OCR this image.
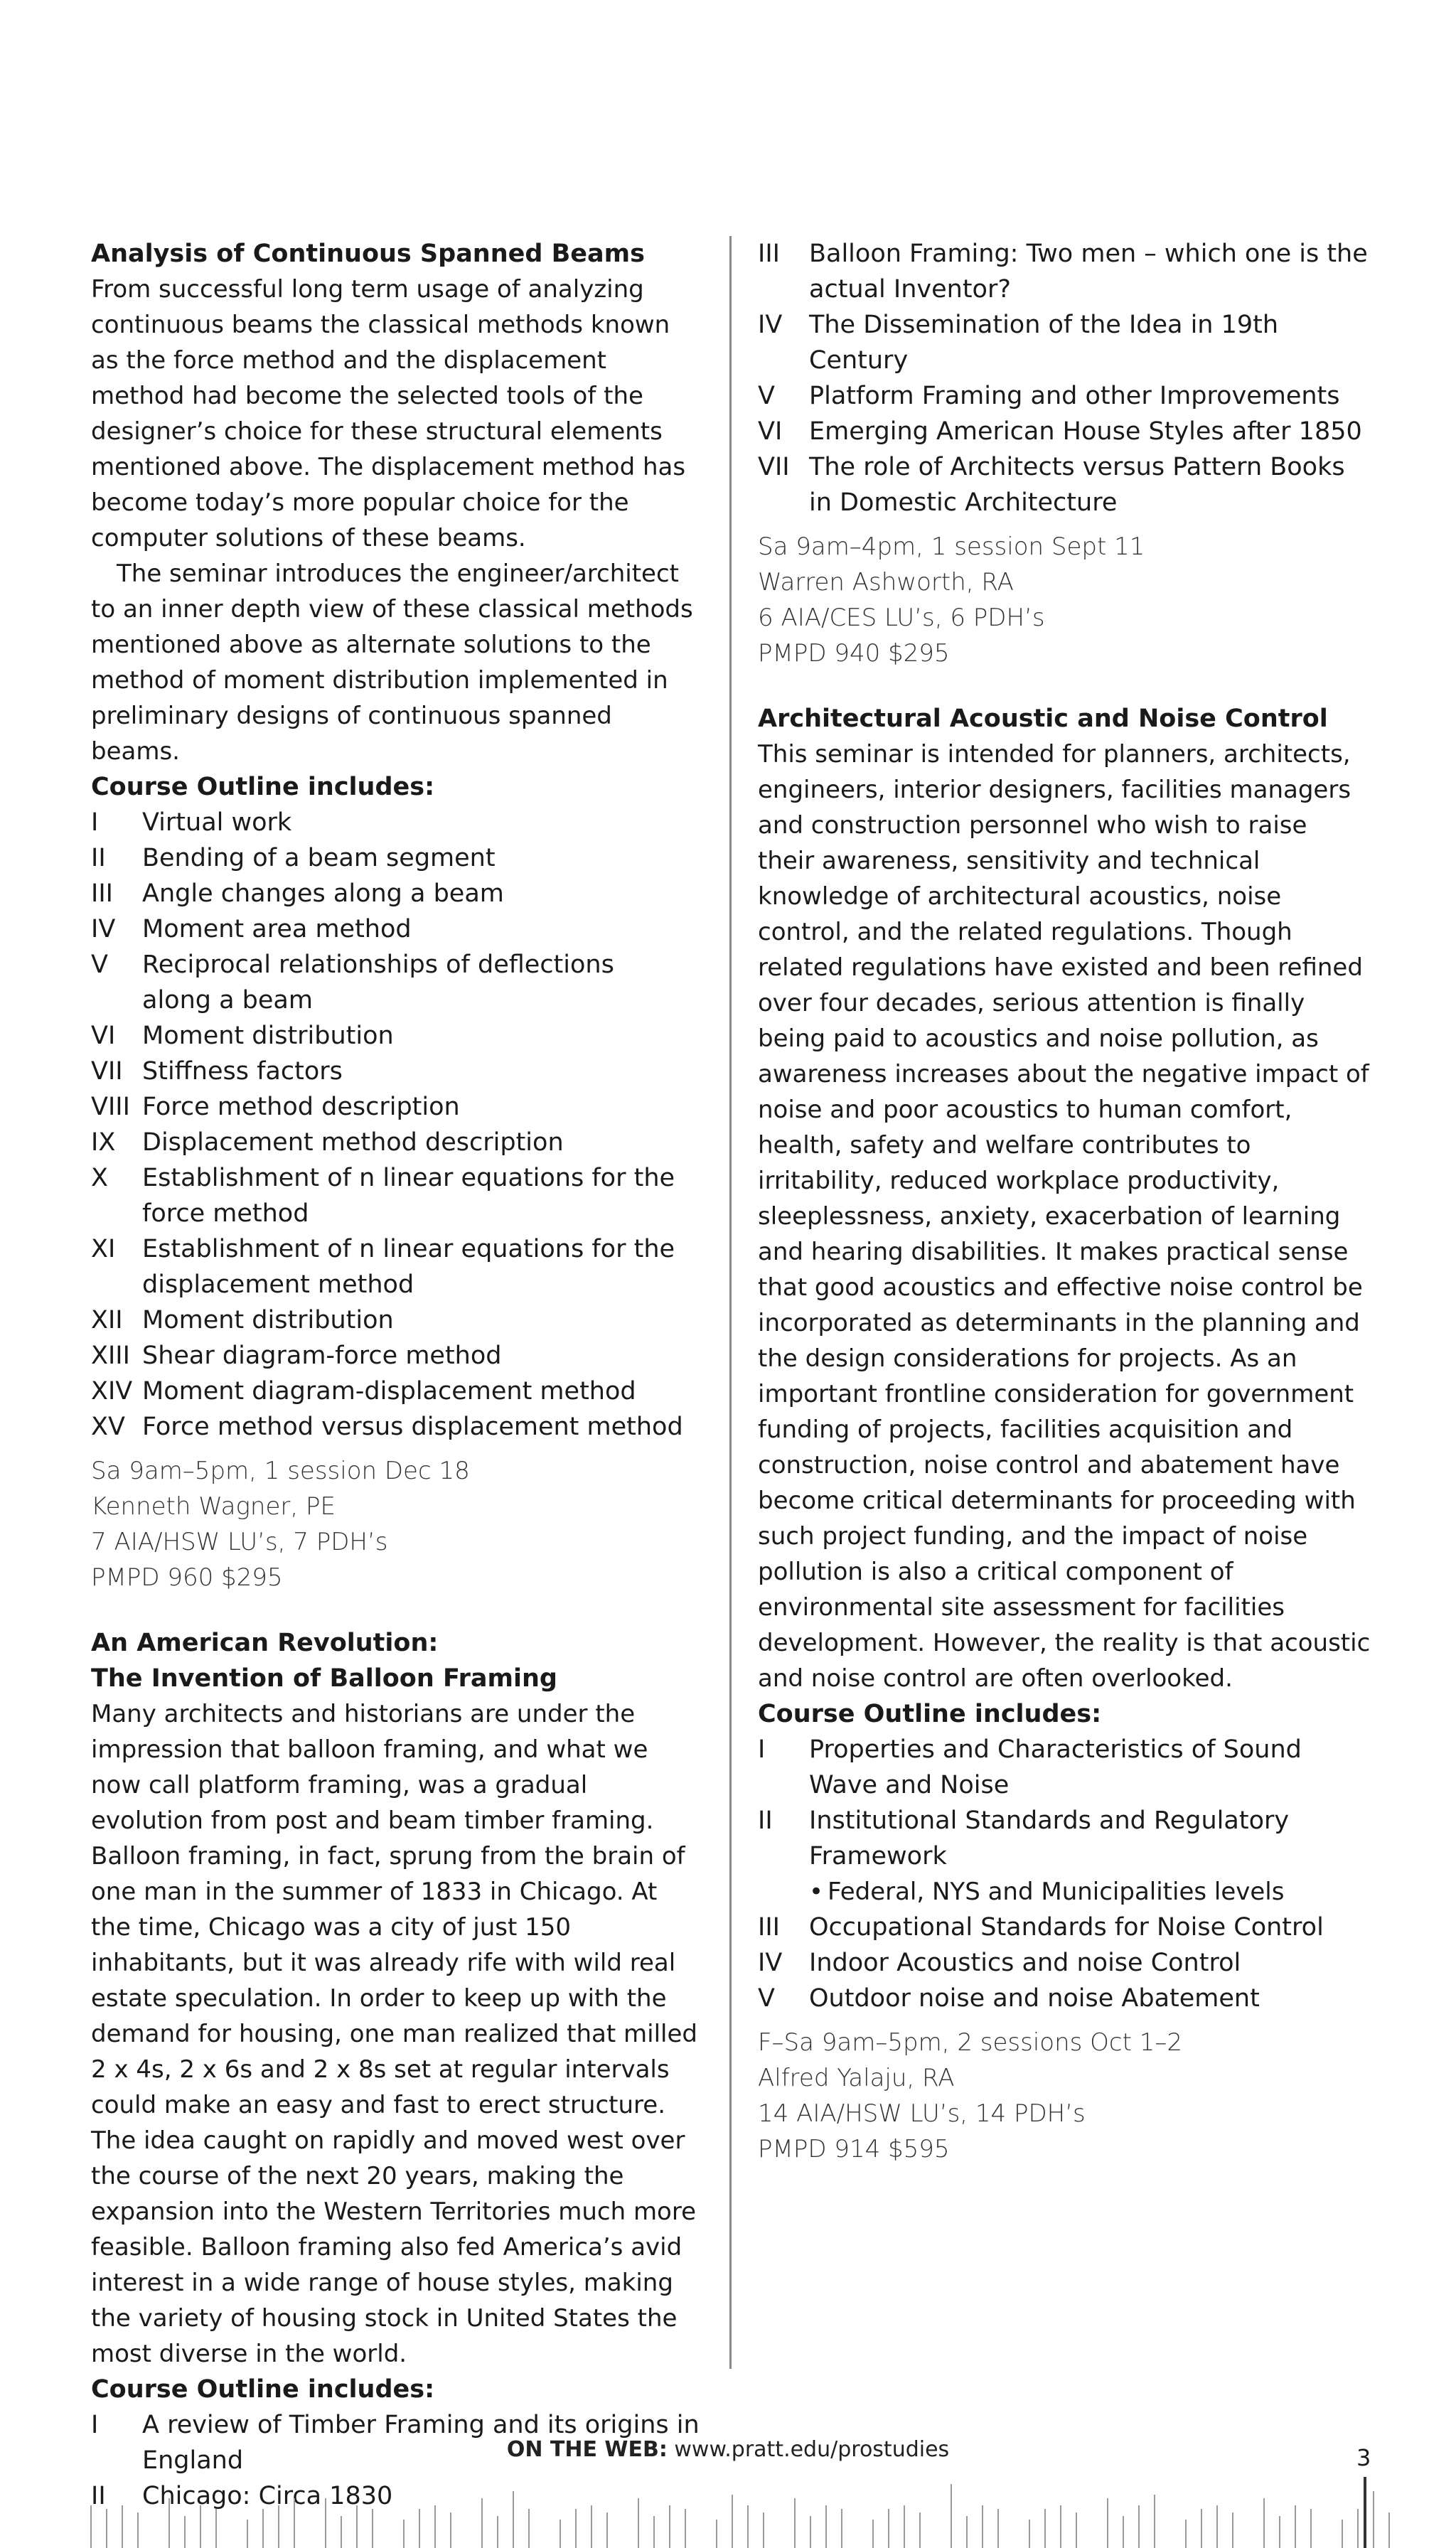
Analysis of Continuous Spanned Beams

From successful long term usage of analyzing continuous beams the classical methods known as the force method and the displacement method had become the selected tools of the designer’s choice for these structural elements mentioned above. The displacement method has become today’s more popular choice for the computer solutions of these beams.

The seminar introduces the engineer/architect to an inner depth view of these classical methods mentioned above as alternate solutions to the method of moment distribution implemented in preliminary designs of continuous spanned beams.

Course Outline includes:
I	Virtual work
II	Bending of a beam segment
III	Angle changes along a beam
IV	Moment area method
V	Reciprocal relationships of deflections along a beam
VI	Moment distribution
VII Stiffness factors
VIII Force method description
IX	Displacement method description
X	Establishment of n linear equations for the force method
XI	Establishment of n linear equations for the displacement method
XII Moment distribution
XIII Shear diagram-force method
XIV Moment diagram-displacement method
XV Force method versus displacement method
Sa 9am–5pm, 1 session Dec 18
Kenneth Wagner, PE
7 AIA/HSW LU’s, 7 PDH’s
PMPD 960 $295
An American Revolution:
The Invention of Balloon Framing

Many architects and historians are under the impression that balloon framing, and what we now call platform framing, was a gradual evolution from post and beam timber framing. Balloon framing, in fact, sprung from the brain of one man in the summer of 1833 in Chicago. At the time, Chicago was a city of just 150 inhabitants, but it was already rife with wild real estate speculation. In order to keep up with the demand for housing, one man realized that milled 2 x 4s, 2 x 6s and 2 x 8s set at regular intervals could make an easy and fast to erect structure. The idea caught on rapidly and moved west over the course of the next 20 years, making the expansion into the Western Territories much more feasible. Balloon framing also fed America’s avid interest in a wide range of house styles, making the variety of housing stock in United States the most diverse in the world.

Course Outline includes:
I	A review of Timber Framing and its origins in England
II	Chicago: Circa 1830
III	Balloon Framing: Two men – which one is the actual Inventor?
IV	The Dissemination of the Idea in 19th Century
V	Platform Framing and other Improvements
VI	Emerging American House Styles after 1850
VII The role of Architects versus Pattern Books in Domestic Architecture
Sa 9am–4pm, 1 session Sept 11
Warren Ashworth, RA
6 AIA/CES LU’s, 6 PDH’s
PMPD 940 $295
Architectural Acoustic and Noise Control

This seminar is intended for planners, architects, engineers, interior designers, facilities managers and construction personnel who wish to raise their awareness, sensitivity and technical knowledge of architectural acoustics, noise control, and the related regulations. Though related regulations have existed and been refined over four decades, serious attention is finally being paid to acoustics and noise pollution, as awareness increases about the negative impact of noise and poor acoustics to human comfort, health, safety and welfare contributes to irritability, reduced workplace productivity, sleeplessness, anxiety, exacerbation of learning and hearing disabilities. It makes practical sense that good acoustics and effective noise control be incorporated as determinants in the planning and the design considerations for projects. As an important frontline consideration for government funding of projects, facilities acquisition and construction, noise control and abatement have become critical determinants for proceeding with such project funding, and the impact of noise pollution is also a critical component of environmental site assessment for facilities development. However, the reality is that acoustic and noise control are often overlooked.

Course Outline includes:
I	Properties and Characteristics of Sound Wave and Noise
II	Institutional Standards and Regulatory Framework
• Federal, NYS and Municipalities levels
III	Occupational Standards for Noise Control
IV	Indoor Acoustics and noise Control
V	Outdoor noise and noise Abatement
F–Sa 9am–5pm, 2 sessions Oct 1–2
Alfred Yalaju, RA
14 AIA/HSW LU’s, 14 PDH’s
PMPD 914 $595
ON THE WEB: www.pratt.edu/prostudies	3
